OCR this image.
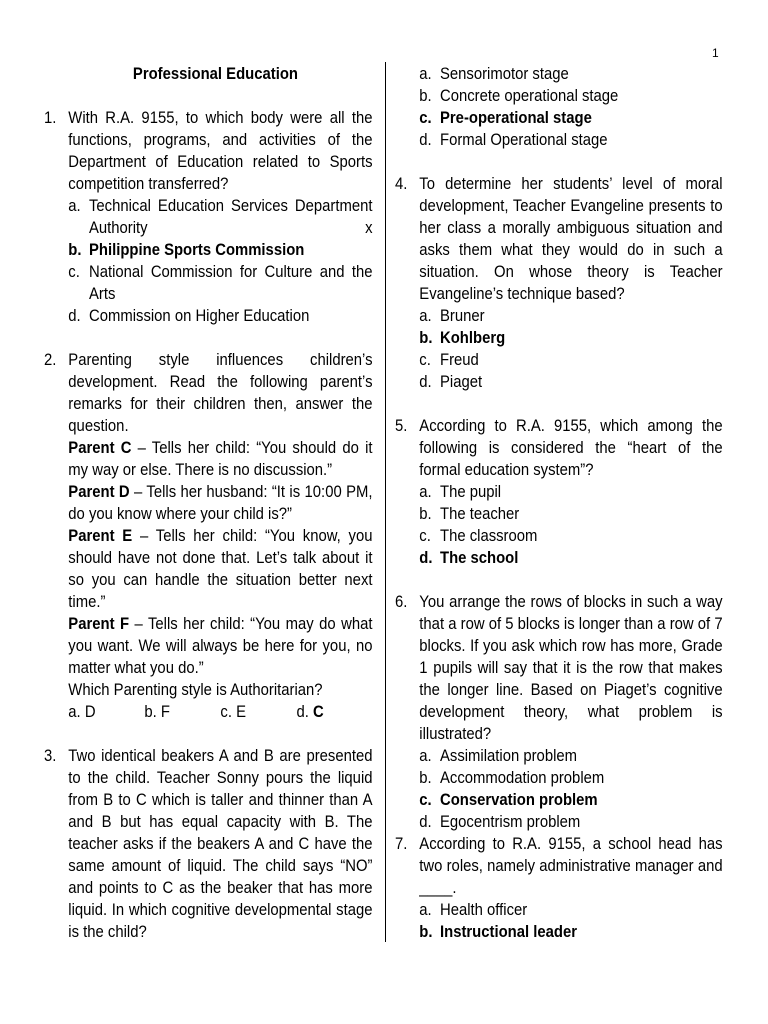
1
Professional Education
1. With R.A. 9155, to which body were all the functions, programs, and activities of the Department of Education related to Sports competition transferred?
a. Technical Education Services Department Authority x
b. Philippine Sports Commission
c. National Commission for Culture and the Arts
d. Commission on Higher Education
2. Parenting style influences children’s development. Read the following parent’s remarks for their children then, answer the question.
Parent C – Tells her child: “You should do it my way or else. There is no discussion.”
Parent D – Tells her husband: “It is 10:00 PM, do you know where your child is?”
Parent E – Tells her child: “You know, you should have not done that. Let’s talk about it so you can handle the situation better next time.”
Parent F – Tells her child: “You may do what you want. We will always be here for you, no matter what you do.”
Which Parenting style is Authoritarian?
a. D	b. F	c. E	d. C
3. Two identical beakers A and B are presented to the child. Teacher Sonny pours the liquid from B to C which is taller and thinner than A and B but has equal capacity with B. The teacher asks if the beakers A and C have the same amount of liquid. The child says “NO” and points to C as the beaker that has more liquid. In which cognitive developmental stage is the child?
a. Sensorimotor stage
b. Concrete operational stage
c. Pre-operational stage
d. Formal Operational stage
4. To determine her students’ level of moral development, Teacher Evangeline presents to her class a morally ambiguous situation and asks them what they would do in such a situation. On whose theory is Teacher Evangeline’s technique based?
a. Bruner
b. Kohlberg
c. Freud
d. Piaget
5. According to R.A. 9155, which among the following is considered the “heart of the formal education system”?
a. The pupil
b. The teacher
c. The classroom
d. The school
6. You arrange the rows of blocks in such a way that a row of 5 blocks is longer than a row of 7 blocks. If you ask which row has more, Grade 1 pupils will say that it is the row that makes the longer line. Based on Piaget’s cognitive development theory, what problem is illustrated?
a. Assimilation problem
b. Accommodation problem
c. Conservation problem
d. Egocentrism problem
7. According to R.A. 9155, a school head has two roles, namely administrative manager and ____.
a. Health officer
b. Instructional leader
